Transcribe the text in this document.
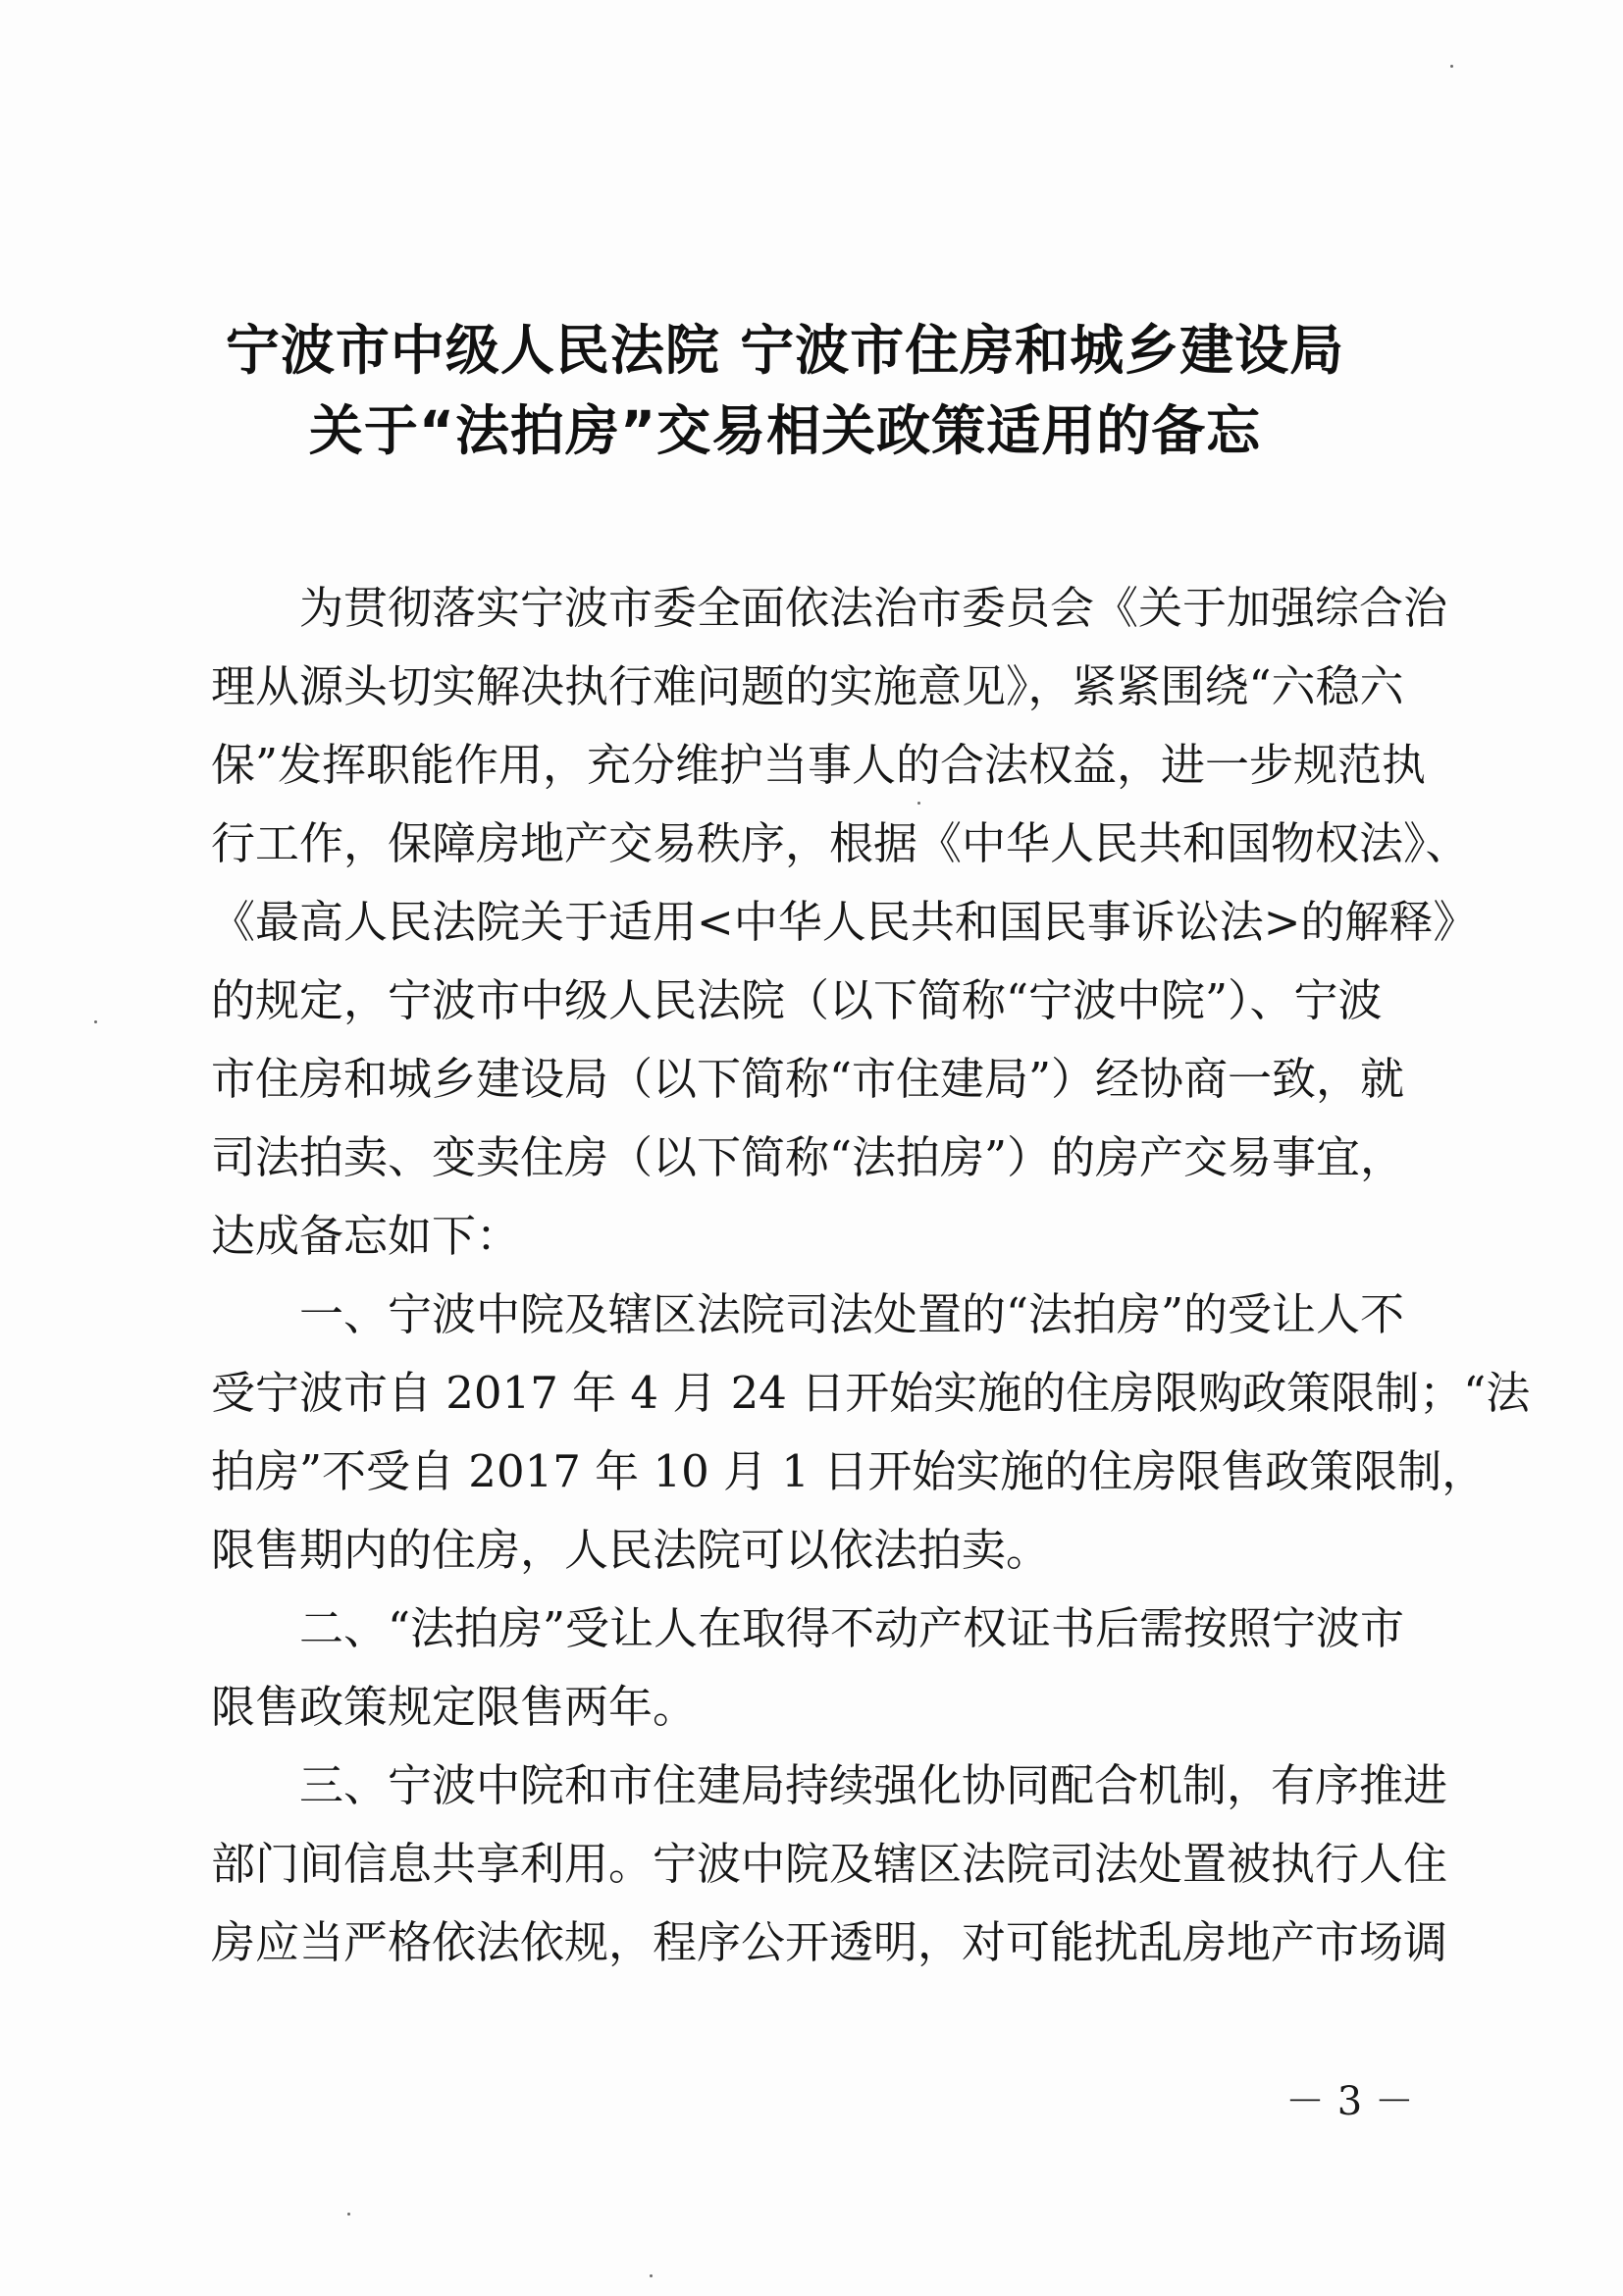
宁波市中级人民法院 宁波市住房和城乡建设局
关于“法拍房”交易相关政策适用的备忘
为贯彻落实宁波市委全面依法治市委员会《关于加强综合治
理从源头切实解决执行难问题的实施意见》，紧紧围绕“六稳六
保”发挥职能作用，充分维护当事人的合法权益，进一步规范执
行工作，保障房地产交易秩序，根据《中华人民共和国物权法》、
《最高人民法院关于适用<中华人民共和国民事诉讼法>的解释》
的规定，宁波市中级人民法院（以下简称“宁波中院”）、宁波
市住房和城乡建设局（以下简称“市住建局”）经协商一致，就
司法拍卖、变卖住房（以下简称“法拍房”）的房产交易事宜，
达成备忘如下：
一、宁波中院及辖区法院司法处置的“法拍房”的受让人不
受宁波市自 2017 年 4 月 24 日开始实施的住房限购政策限制；“法
拍房”不受自 2017 年 10 月 1 日开始实施的住房限售政策限制，
限售期内的住房，人民法院可以依法拍卖。
二、“法拍房”受让人在取得不动产权证书后需按照宁波市
限售政策规定限售两年。
三、宁波中院和市住建局持续强化协同配合机制，有序推进
部门间信息共享利用。宁波中院及辖区法院司法处置被执行人住
房应当严格依法依规，程序公开透明，对可能扰乱房地产市场调
－ 3 －
